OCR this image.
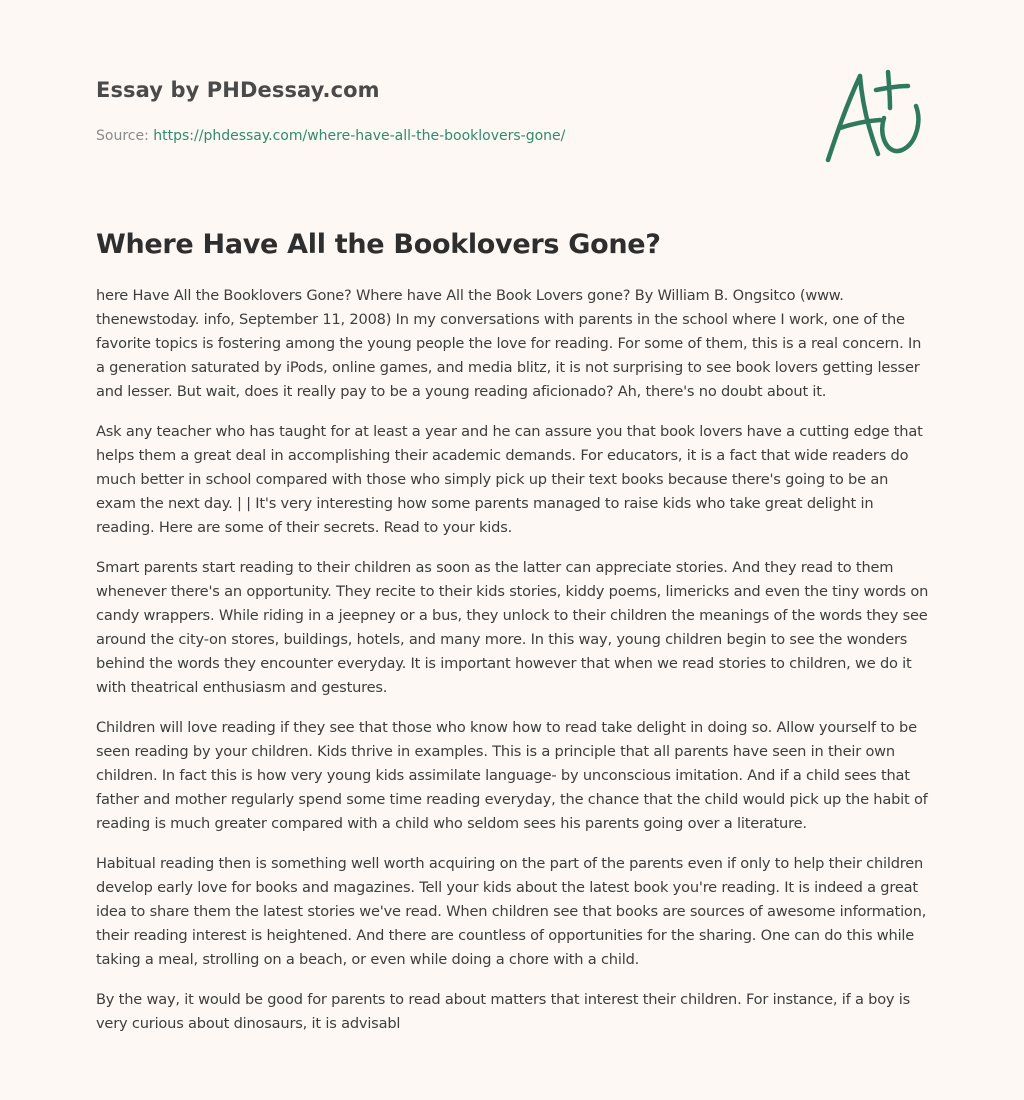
Essay by PHDessay.com
Source: https://phdessay.com/where-have-all-the-booklovers-gone/
Where Have All the Booklovers Gone?

here Have All the Booklovers Gone? Where have All the Book Lovers gone? By William B. Ongsitco (www. thenewstoday. info, September 11, 2008) In my conversations with parents in the school where I work, one of the favorite topics is fostering among the young people the love for reading. For some of them, this is a real concern. In a generation saturated by iPods, online games, and media blitz, it is not surprising to see book lovers getting lesser and lesser. But wait, does it really pay to be a young reading aficionado? Ah, there's no doubt about it.

Ask any teacher who has taught for at least a year and he can assure you that book lovers have a cutting edge that helps them a great deal in accomplishing their academic demands. For educators, it is a fact that wide readers do much better in school compared with those who simply pick up their text books because there's going to be an exam the next day. | | It's very interesting how some parents managed to raise kids who take great delight in reading. Here are some of their secrets. Read to your kids.

Smart parents start reading to their children as soon as the latter can appreciate stories. And they read to them whenever there's an opportunity. They recite to their kids stories, kiddy poems, limericks and even the tiny words on candy wrappers. While riding in a jeepney or a bus, they unlock to their children the meanings of the words they see around the city-on stores, buildings, hotels, and many more. In this way, young children begin to see the wonders behind the words they encounter everyday. It is important however that when we read stories to children, we do it with theatrical enthusiasm and gestures.

Children will love reading if they see that those who know how to read take delight in doing so. Allow yourself to be seen reading by your children. Kids thrive in examples. This is a principle that all parents have seen in their own children. In fact this is how very young kids assimilate language- by unconscious imitation. And if a child sees that father and mother regularly spend some time reading everyday, the chance that the child would pick up the habit of reading is much greater compared with a child who seldom sees his parents going over a literature.

Habitual reading then is something well worth acquiring on the part of the parents even if only to help their children develop early love for books and magazines. Tell your kids about the latest book you're reading. It is indeed a great idea to share them the latest stories we've read. When children see that books are sources of awesome information, their reading interest is heightened. And there are countless of opportunities for the sharing. One can do this while taking a meal, strolling on a beach, or even while doing a chore with a child.

By the way, it would be good for parents to read about matters that interest their children. For instance, if a boy is very curious about dinosaurs, it is advisabl
